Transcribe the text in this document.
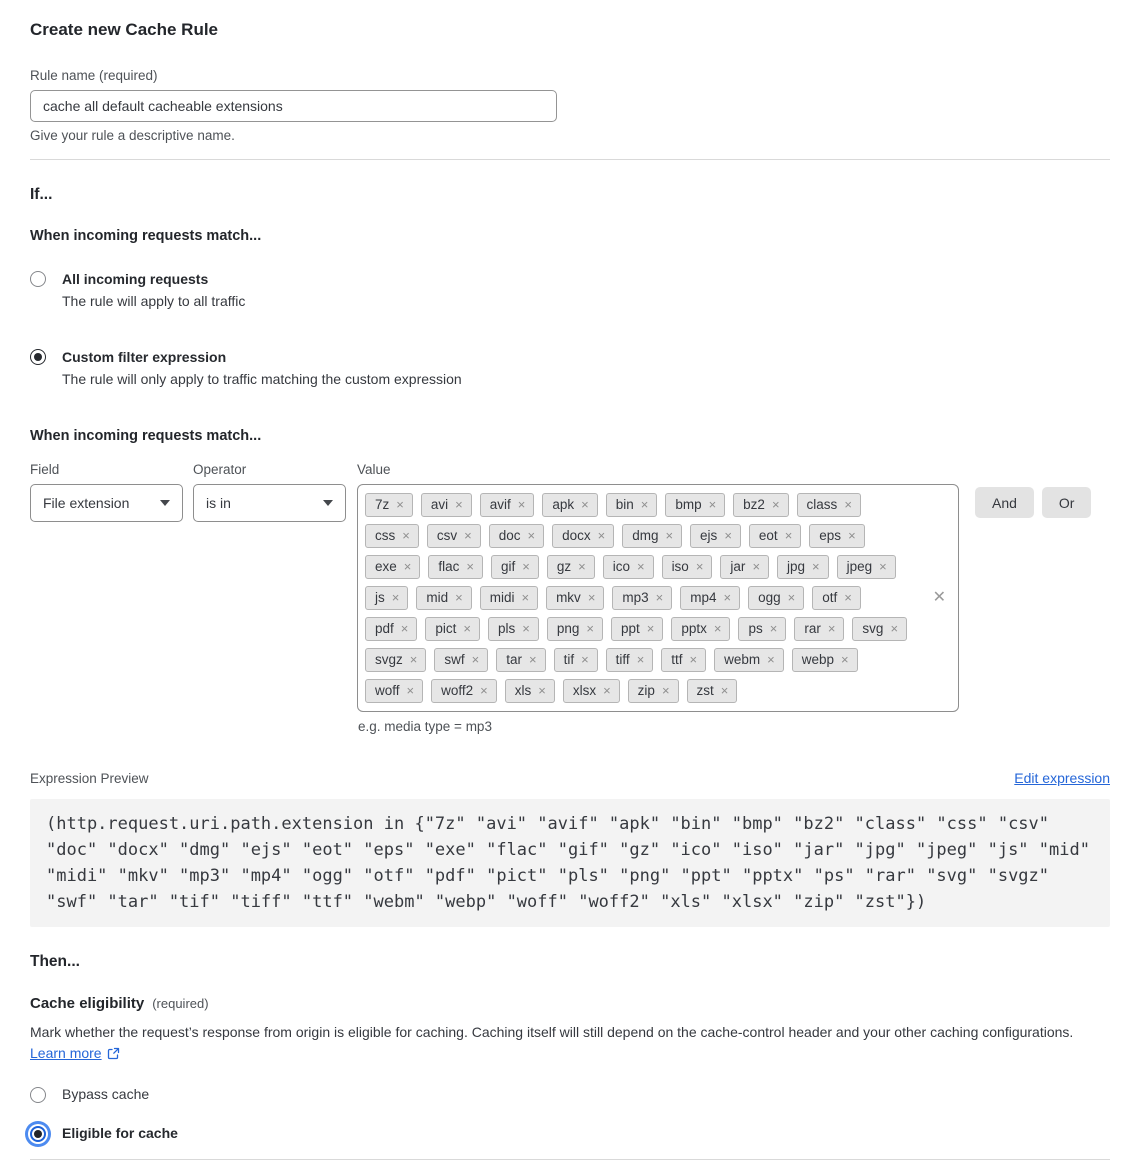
Create new Cache Rule
Rule name (required)
cache all default cacheable extensions
Give your rule a descriptive name.
If...
When incoming requests match...
All incoming requests
The rule will apply to all traffic
Custom filter expression
The rule will only apply to traffic matching the custom expression
When incoming requests match...
Field
File extension
Operator
is in
Value
7z × avi × avif × apk × bin × bmp × bz2 × class ×
css × csv × doc × docx × dmg × ejs × eot × eps ×
exe × flac × gif × gz × ico × iso × jar × jpg × jpeg ×
js × mid × midi × mkv × mp3 × mp4 × ogg × otf ×
pdf × pict × pls × png × ppt × pptx × ps × rar × svg ×
svgz × swf × tar × tif × tiff × ttf × webm × webp ×
woff × woff2 × xls × xlsx × zip × zst ×
✕
And	Or
e.g. media type = mp3
Expression Preview	Edit expression
(http.request.uri.path.extension in {"7z" "avi" "avif" "apk" "bin" "bmp" "bz2" "class" "css" "csv" "doc" "docx" "dmg" "ejs" "eot" "eps" "exe" "flac" "gif" "gz" "ico" "iso" "jar" "jpg" "jpeg" "js" "mid" "midi" "mkv" "mp3" "mp4" "ogg" "otf" "pdf" "pict" "pls" "png" "ppt" "pptx" "ps" "rar" "svg" "svgz" "swf" "tar" "tif" "tiff" "ttf" "webm" "webp" "woff" "woff2" "xls" "xlsx" "zip" "zst"})
Then...
Cache eligibility (required)
Mark whether the request’s response from origin is eligible for caching. Caching itself will still depend on the cache-control header and your other caching configurations. Learn more
Bypass cache
Eligible for cache
